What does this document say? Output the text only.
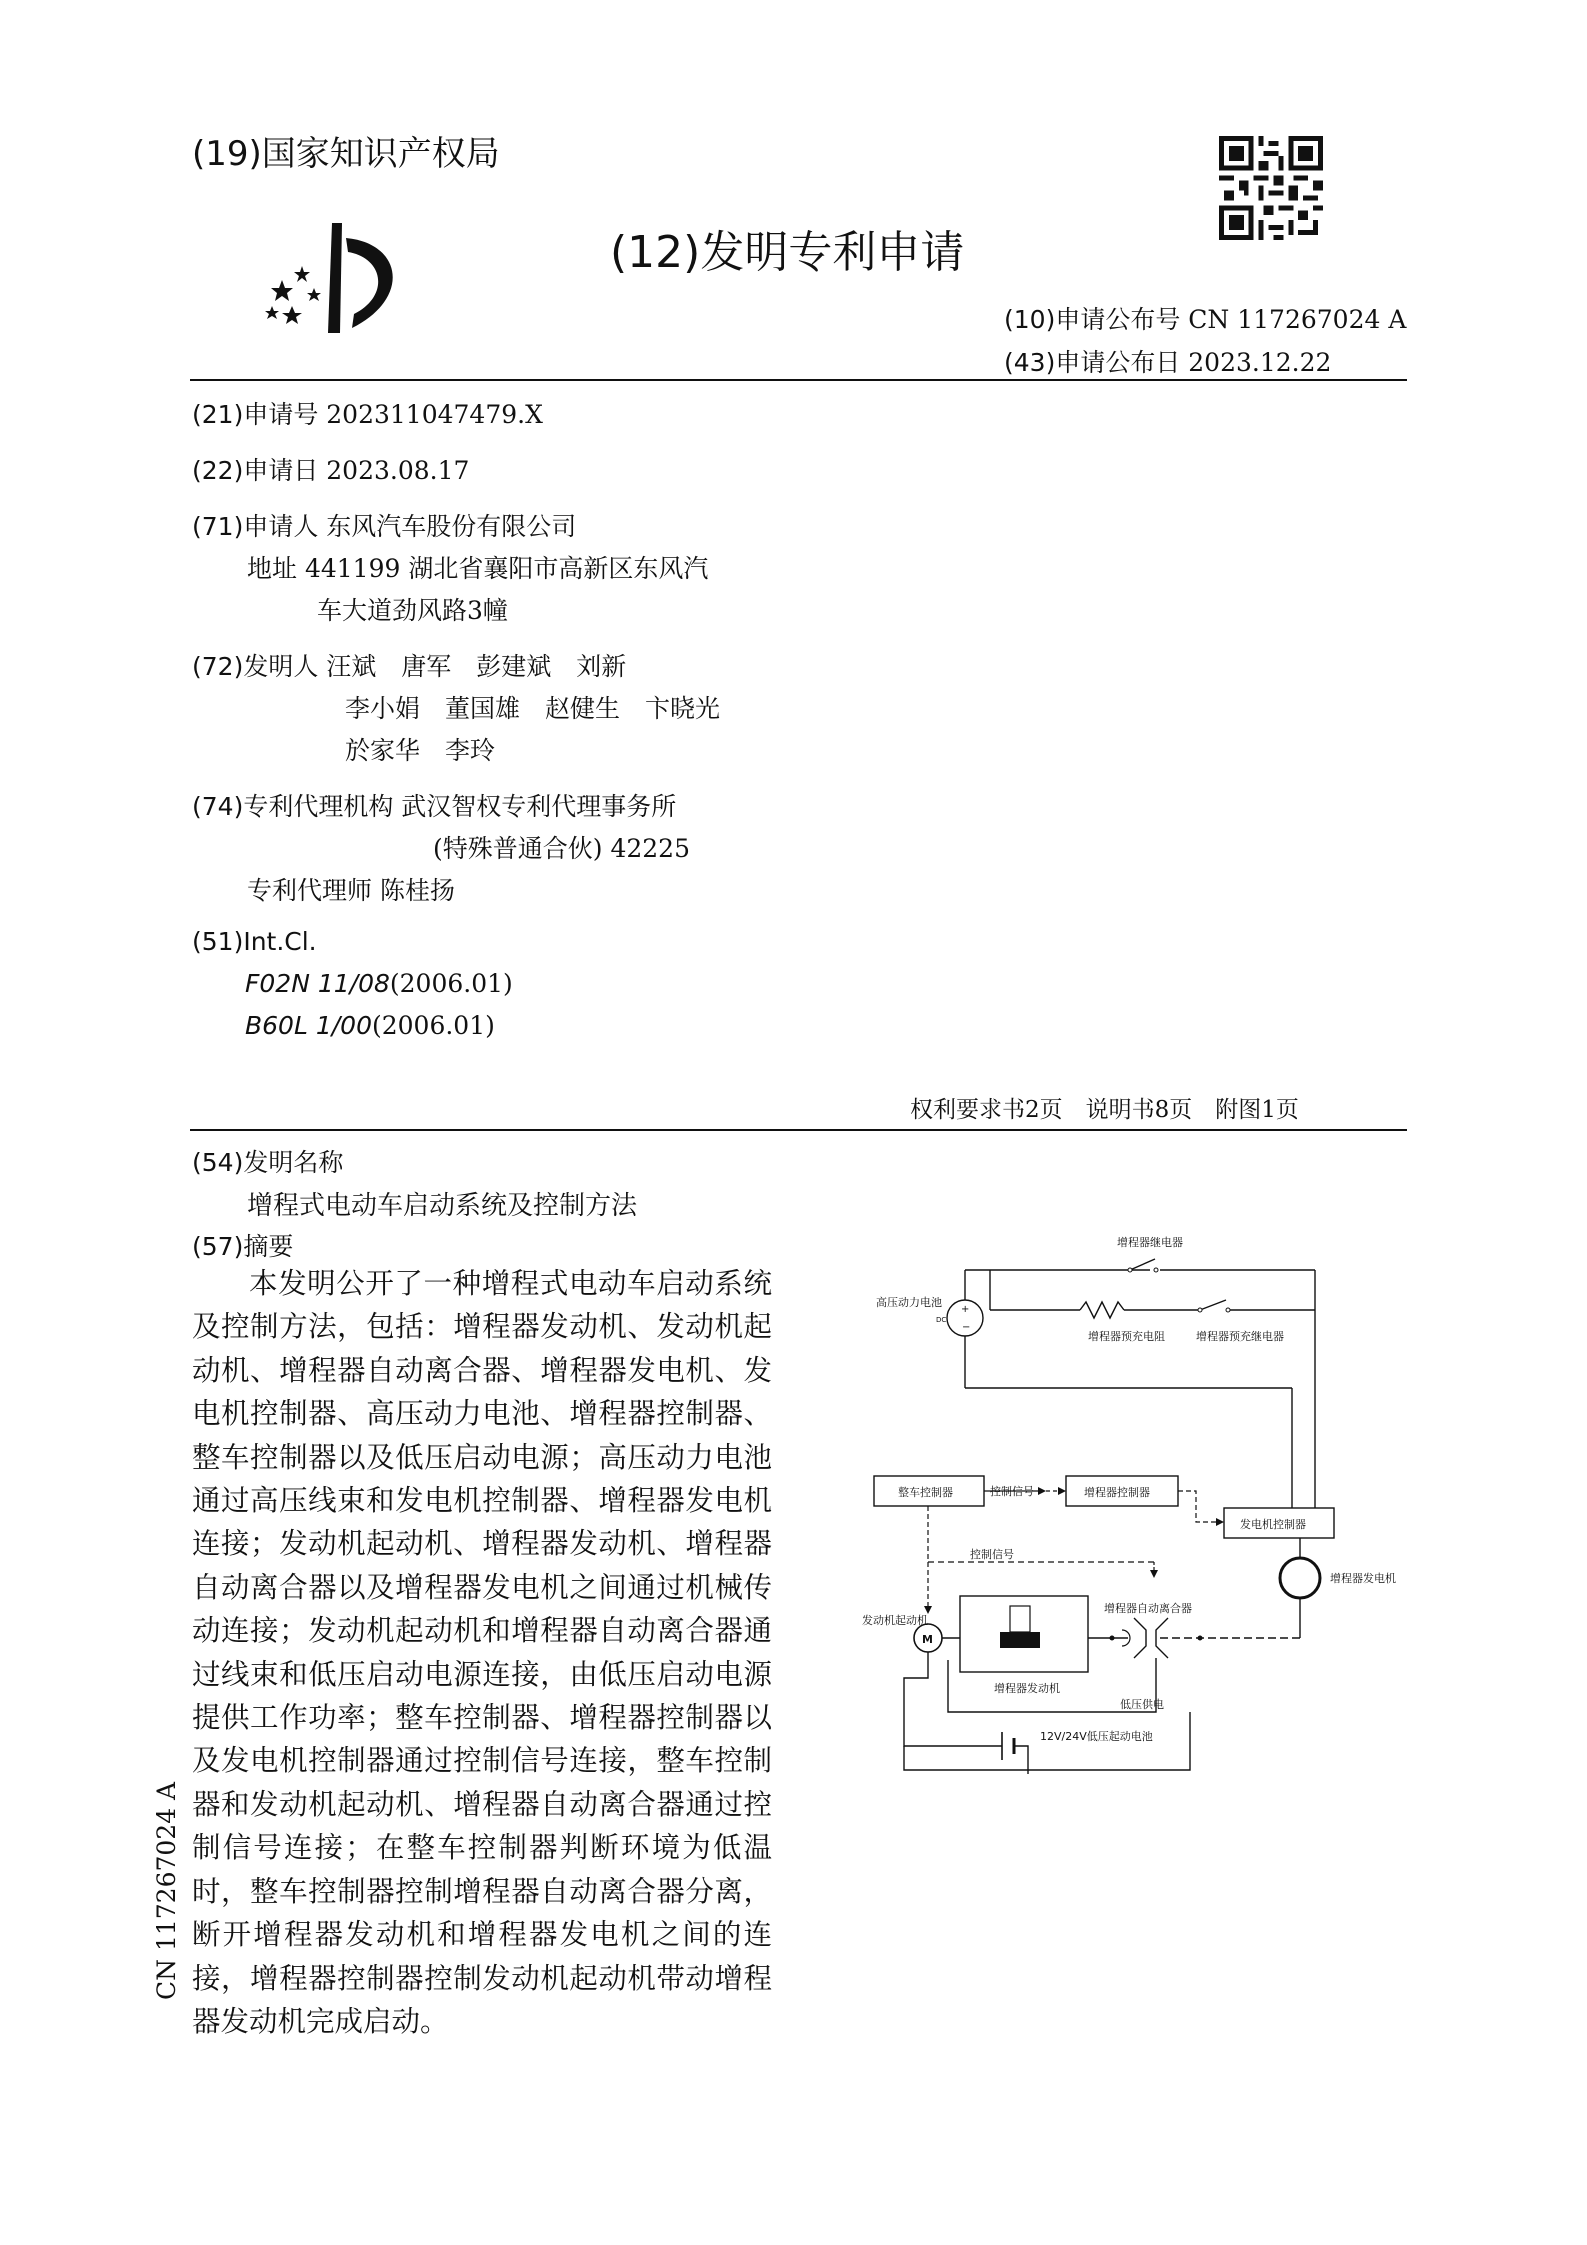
(19)国家知识产权局
(12)发明专利申请
(10)申请公布号 CN 117267024 A
(43)申请公布日 2023.12.22
(21)申请号 202311047479.X
(22)申请日 2023.08.17
(71)申请人 东风汽车股份有限公司
地址 441199 湖北省襄阳市高新区东风汽
车大道劲风路3幢
(72)发明人 汪斌　唐军　彭建斌　刘新
李小娟　董国雄　赵健生　卞晓光
於家华　李玲
(74)专利代理机构 武汉智权专利代理事务所
(特殊普通合伙) 42225
专利代理师 陈桂扬
(51)Int.Cl.
F02N 11/08(2006.01)
B60L 1/00(2006.01)
权利要求书2页　说明书8页　附图1页
(54)发明名称
增程式电动车启动系统及控制方法
(57)摘要

本发明公开了一种增程式电动车启动系统及控制方法，包括：增程器发动机、发动机起动机、增程器自动离合器、增程器发电机、发电机控制器、高压动力电池、增程器控制器、整车控制器以及低压启动电源；高压动力电池通过高压线束和发电机控制器、增程器发电机连接；发动机起动机、增程器发动机、增程器自动离合器以及增程器发电机之间通过机械传动连接；发动机起动机和增程器自动离合器通过线束和低压启动电源连接，由低压启动电源提供工作功率；整车控制器、增程器控制器以及发电机控制器通过控制信号连接，整车控制器和发动机起动机、增程器自动离合器通过控制信号连接；在整车控制器判断环境为低温时，整车控制器控制增程器自动离合器分离，断开增程器发动机和增程器发电机之间的连接，增程器控制器控制发动机起动机带动增程器发动机完成启动。

CN 117267024 A
增程器继电器
增程器预充电阻	增程器预充继电器
+
−
DC
高压动力电池
整车控制器	控制信号	增程器控制器
发电机控制器
控制信号
增程器发电机
M
发动机起动机
增程器发动机
增程器自动离合器
低压供电
12V/24V低压起动电池
